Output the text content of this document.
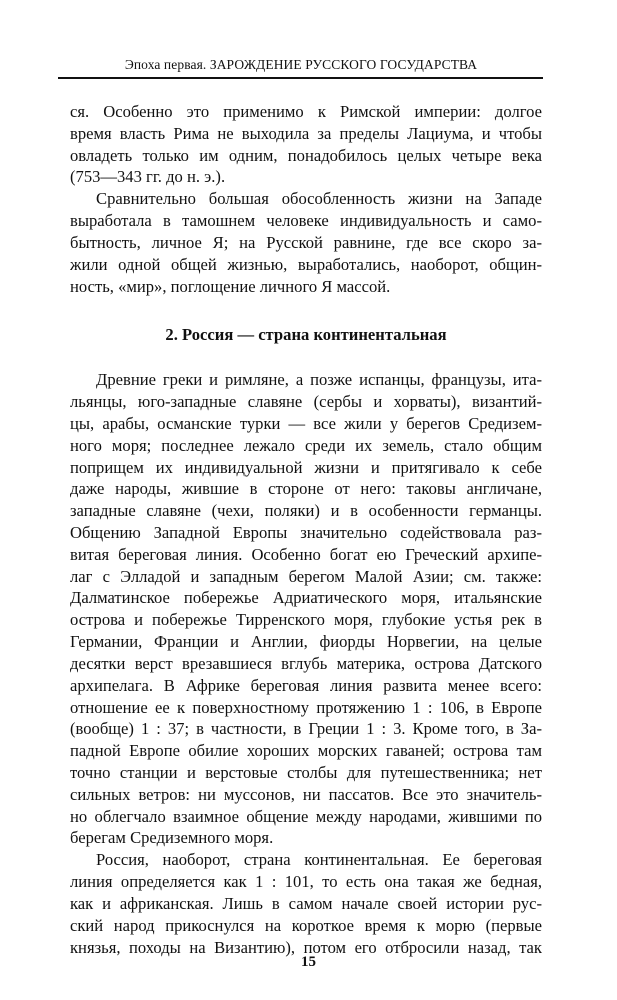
Эпоха первая. ЗАРОЖДЕНИЕ РУССКОГО ГОСУДАРСТВА
ся. Особенно это применимо к Римской империи: долгое
время власть Рима не выходила за пределы Лациума, и чтобы
овладеть только им одним, понадобилось целых четыре века
(753—343 гг. до н. э.).
Сравнительно большая обособленность жизни на Западе
выработала в тамошнем человеке индивидуальность и само-
бытность, личное Я; на Русской равнине, где все скоро за-
жили одной общей жизнью, выработались, наоборот, общин-
ность, «мир», поглощение личного Я массой.
2. Россия — страна континентальная
Древние греки и римляне, а позже испанцы, французы, ита-
льянцы, юго-западные славяне (сербы и хорваты), византий-
цы, арабы, османские турки — все жили у берегов Средизем-
ного моря; последнее лежало среди их земель, стало общим
поприщем их индивидуальной жизни и притягивало к себе
даже народы, жившие в стороне от него: таковы англичане,
западные славяне (чехи, поляки) и в особенности германцы.
Общению Западной Европы значительно содействовала раз-
витая береговая линия. Особенно богат ею Греческий архипе-
лаг с Элладой и западным берегом Малой Азии; см. также:
Далматинское побережье Адриатического моря, итальянские
острова и побережье Тирренского моря, глубокие устья рек в
Германии, Франции и Англии, фиорды Норвегии, на целые
десятки верст врезавшиеся вглубь материка, острова Датского
архипелага. В Африке береговая линия развита менее всего:
отношение ее к поверхностному протяжению 1 : 106, в Европе
(вообще) 1 : 37; в частности, в Греции 1 : 3. Кроме того, в За-
падной Европе обилие хороших морских гаваней; острова там
точно станции и верстовые столбы для путешественника; нет
сильных ветров: ни муссонов, ни пассатов. Все это значитель-
но облегчало взаимное общение между народами, жившими по
берегам Средиземного моря.
Россия, наоборот, страна континентальная. Ее береговая
линия определяется как 1 : 101, то есть она такая же бедная,
как и африканская. Лишь в самом начале своей истории рус-
ский народ прикоснулся на короткое время к морю (первые
князья, походы на Византию), потом его отбросили назад, так
15
